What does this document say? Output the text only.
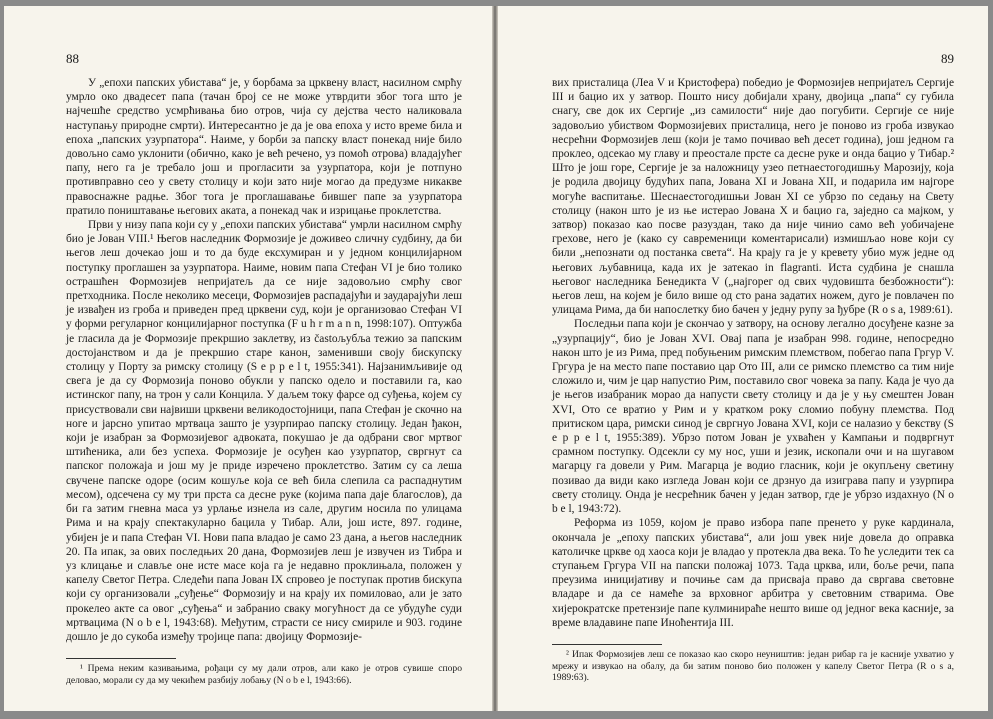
88

У „епохи папских убистава“ је, у борбама за црквену власт, насилном смрћу умрло око двадесет папа (тачан број се не може утврдити због тога што је најчешће средство усмрћивања био отров, чија су дејства често наликовала наступању природне смрти). Интересантно је да је ова епоха у исто време била и епоха „папских узурпатора“. Наиме, у борби за папску власт понекад није било довољно само уклонити (обично, како је већ речено, уз помоћ отрова) владајућег папу, него га је требало још и прогласити за узурпатора, који је потпуно противправно сео у свету столицу и који зато није могао да предузме никакве правоснажне радње. Због тога је проглашавање бившег папе за узурпатора пратило поништавање његових аката, а понекад чак и изрицање проклетства.

Први у низу папа који су у „епохи папских убистава“ умрли насилном смрћу био је Јован VIII.¹ Његов наследник Формозије је доживео сличну судбину, да би његов леш дочекао још и то да буде ексхумиран и у једном концилијарном поступку проглашен за узурпатора. Наиме, новим папа Стефан VI је био толико острашћен Формозијев непријатељ да се није задовољио смрћу свог претходника. После неколико месеци, Формозијев распадајући и заударајући леш је извађен из гроба и приведен пред црквени суд, који је организовао Стефан VI у форми регуларног концилијарног поступка (F u h r m a n n, 1998:107). Оптужба је гласила да је Формозије прекршио заклетву, из častoљубља тежио за папским достојанством и да је прекршио старе канон, заменивши своју бискупску столицу у Порту за римску столицу (S e p p e l t, 1955:341). Најзанимљивије од свега је да су Формозија поново обукли у папско одело и поставили га, као истинског папу, на трон у сали Концила. У даљем току фарсе од суђења, којем су присуствовали сви највиши црквени великодостојници, папа Стефан је скочно на ноге и јарсно упитао мртваца зашто је узурпирао папску столицу. Један ђакон, који је изабран за Формозијевог адвоката, покушао је да одбрани свог мртвог штићеника, али без успеха. Формозије је осуђен као узурпатор, свргнут са папског положаја и још му је приде изречено проклетство. Затим су са леша свучене папске одоре (осим кошуље која се већ била слепила са распаднутим месом), одсечена су му три прста са десне руке (којима папа даје благослов), да би га затим гневна маса уз урлање изнела из сале, другим носила по улицама Рима и на крају спектакуларно бацила у Тибар. Али, још исте, 897. године, убијен је и папа Стефан VI. Нови папа владао је само 23 дана, а његов наследник 20. Па ипак, за ових последњих 20 дана, Формозијев леш је извучен из Тибра и уз клицање и славље оне исте масе која га је недавно проклињала, положен у капелу Светог Петра. Следећи папа Јован IX спровео је поступак против бискупа који су организовали „суђење“ Формозију и на крају их помиловао, али је зато прокелео акте са овог „суђења“ и забранио сваку могућност да се убудуће суди мртвацима (N o b e l, 1943:68). Међутим, страсти се нису смириле и 903. године дошло је до сукоба између тројице папа: двојицу Формозије-

¹ Према неким казивањима, рођаци су му дали отров, али како је отров сувише споро деловао, морали су да му чекићем разбију лобању (N o b e l, 1943:66).

89

вих присталица (Леа V и Кристофера) победио је Формозијев непријатељ Сергије III и бацио их у затвор. Пошто нису добијали храну, двојица „папа“ су губила снагу, све док их Сергије „из самилости“ није дао погубити. Сергије се није задовољио убиством Формозијевих присталица, него је поново из гроба извукао несрећни Формозијев леш (који је тамо почивао већ десет година), још једном га проклео, одсекао му главу и преостале прсте са десне руке и онда бацио у Тибар.² Што је још горе, Сергије је за наложницу узео петнаестогодишњу Марозију, која је родила двојицу будућих папа, Јована XI и Јована XII, и подарила им најгоре могуће васпитање. Шеснаестогодишњи Јован XI се убрзо по седању на Свету столицу (након што је из ње истерао Јована X и бацио га, заједно са мајком, у затвор) показао као посве разуздан, тако да није чинио само већ уобичајене грехове, него је (како су савременици коментарисали) измишљао нове који су били „непознати од постанка света“. На крају га је у кревету убио муж једне од његових љубавница, када их је затекао in flagranti. Иста судбина је снашла његовог наследника Бенедикта V („најгорег од свих чудовишта безбожности“): његов леш, на којем је било више од сто рана задатих ножем, дуго је повлачен по улицама Рима, да би напослетку био бачен у једну рупу за ђубре (R o s a, 1989:61).

Последњи папа који је скончао у затвору, на основу легално досуђене казне за „узурпацију“, био је Јован XVI. Овај папа је изабран 998. године, непосредно након што је из Рима, пред побуњеним римским племством, побегао папа Гргур V. Гргура је на место папе поставио цар Ото III, али се римско племство са тим није сложило и, чим је цар напустио Рим, поставило свог човека за папу. Када је чуо да је његов изабраник морао да напусти свету столицу и да је у њу смештен Јован XVI, Ото се вратио у Рим и у кратком року сломио побуну племства. Под притиском цара, римски синод је свргнуо Јована XVI, који се налазио у бекству (S e p p e l t, 1955:389). Убрзо потом Јован је ухваћен у Кампањи и подвргнут срамном поступку. Одсекли су му нос, уши и језик, ископали очи и на шугавом магарцу га довели у Рим. Магарца је водио гласник, који је окупљену светину позивао да види како изгледа Јован који се дрзнуо да изиграва папу и узурпира свету столицу. Онда је несрећник бачен у један затвор, где је убрзо издахнуо (N o b e l, 1943:72).

Реформа из 1059, којом је право избора папе пренето у руке кардинала, окончала је „епоху папских убистава“, али још увек није довела до оправка католичке цркве од хаоса који је владао у протекла два века. То ће уследити тек са ступањем Гргура VII на папски положај 1073. Тада црква, или, боље речи, папа преузима иницијативу и почиње сам да присваја право да свргава световне владаре и да се намеће за врховног арбитра у световним стварима. Ове хијерократске претензије папе кулминираће нешто више од једног века касније, за време владавине папе Иноћентија III.

² Ипак Формозијев леш се показао као скоро неуништив: један рибар га је касније ухватио у мрежу и извукао на обалу, да би затим поново био положен у капелу Светог Петра (R o s a, 1989:63).
